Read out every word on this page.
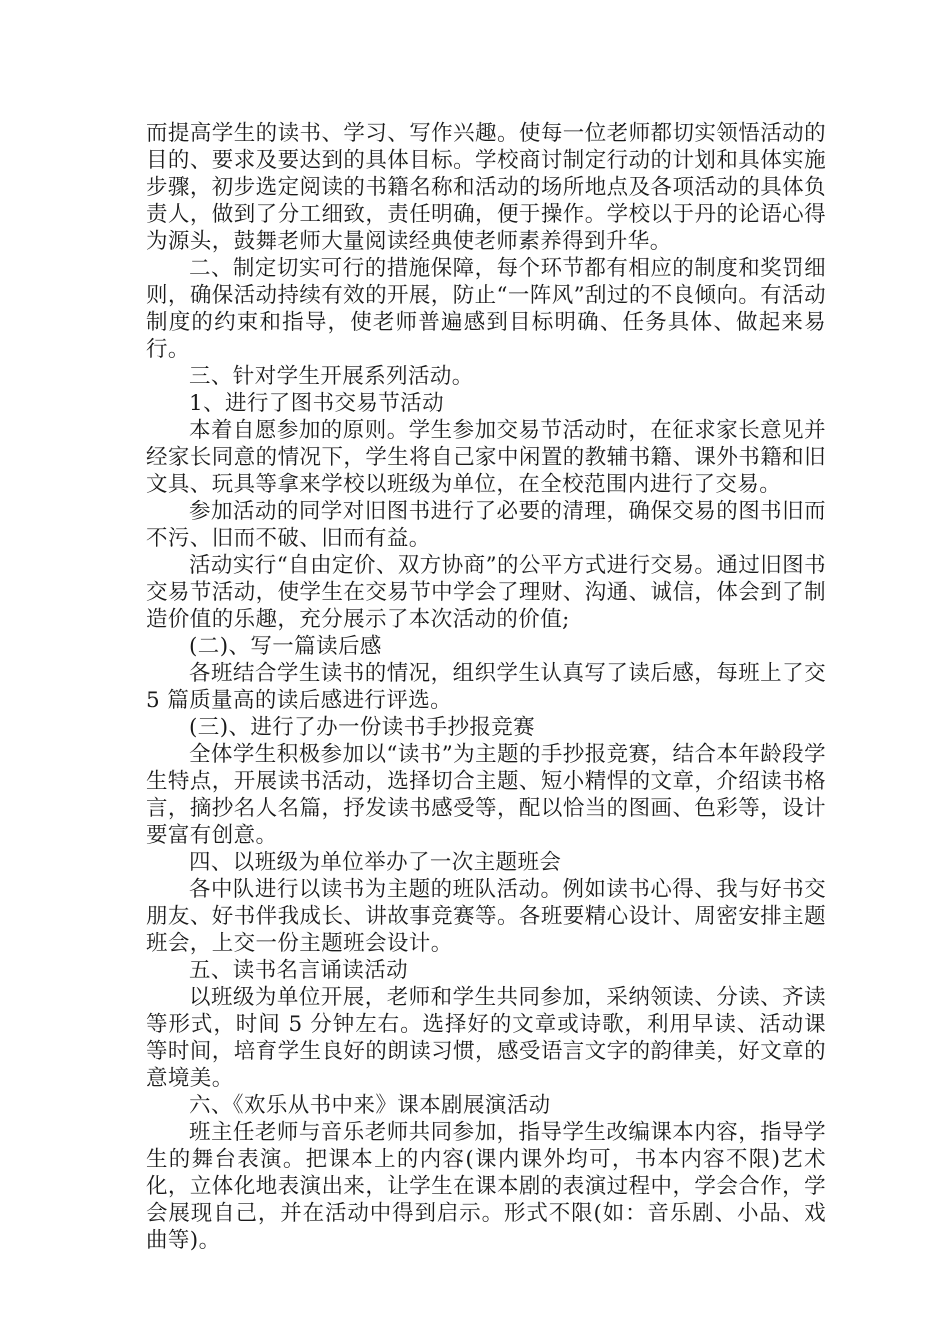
而提高学生的读书、学习、写作兴趣。使每一位老师都切实领悟活动的目的、要求及要达到的具体目标。学校商讨制定行动的计划和具体实施步骤，初步选定阅读的书籍名称和活动的场所地点及各项活动的具体负责人，做到了分工细致，责任明确，便于操作。学校以于丹的论语心得为源头，鼓舞老师大量阅读经典使老师素养得到升华。

二、制定切实可行的措施保障，每个环节都有相应的制度和奖罚细则，确保活动持续有效的开展，防止“一阵风”刮过的不良倾向。有活动制度的约束和指导，使老师普遍感到目标明确、任务具体、做起来易行。

三、针对学生开展系列活动。

1、进行了图书交易节活动

本着自愿参加的原则。学生参加交易节活动时，在征求家长意见并经家长同意的情况下，学生将自己家中闲置的教辅书籍、课外书籍和旧文具、玩具等拿来学校以班级为单位，在全校范围内进行了交易。

参加活动的同学对旧图书进行了必要的清理，确保交易的图书旧而不污、旧而不破、旧而有益。

活动实行“自由定价、双方协商”的公平方式进行交易。通过旧图书交易节活动，使学生在交易节中学会了理财、沟通、诚信，体会到了制造价值的乐趣，充分展示了本次活动的价值;

(二)、写一篇读后感

各班结合学生读书的情况，组织学生认真写了读后感，每班上了交 5 篇质量高的读后感进行评选。

(三)、进行了办一份读书手抄报竞赛

全体学生积极参加以“读书”为主题的手抄报竞赛，结合本年龄段学生特点，开展读书活动，选择切合主题、短小精悍的文章，介绍读书格言，摘抄名人名篇，抒发读书感受等，配以恰当的图画、色彩等，设计要富有创意。

四、以班级为单位举办了一次主题班会

各中队进行以读书为主题的班队活动。例如读书心得、我与好书交朋友、好书伴我成长、讲故事竞赛等。各班要精心设计、周密安排主题班会，上交一份主题班会设计。

五、读书名言诵读活动

以班级为单位开展，老师和学生共同参加，采纳领读、分读、齐读等形式，时间 5 分钟左右。选择好的文章或诗歌，利用早读、活动课等时间，培育学生良好的朗读习惯，感受语言文字的韵律美，好文章的意境美。

六、《欢乐从书中来》课本剧展演活动

班主任老师与音乐老师共同参加，指导学生改编课本内容，指导学生的舞台表演。把课本上的内容(课内课外均可，书本内容不限)艺术化，立体化地表演出来，让学生在课本剧的表演过程中，学会合作，学会展现自己，并在活动中得到启示。形式不限(如：音乐剧、小品、戏曲等)。
